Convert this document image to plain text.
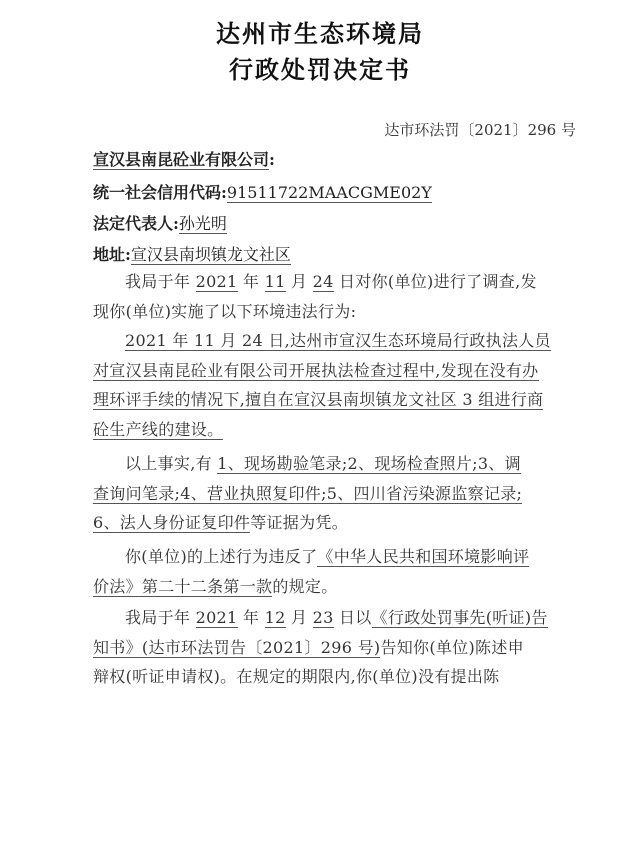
达州市生态环境局
行政处罚决定书
达市环法罚〔2021〕296 号
宣汉县南昆砼业有限公司:
统一社会信用代码:91511722MAACGME02Y
法定代表人:孙光明
地址:宣汉县南坝镇龙文社区
我局于年 2021 年 11 月 24 日对你(单位)进行了调查,发
现你(单位)实施了以下环境违法行为:
2021 年 11 月 24 日,达州市宣汉生态环境局行政执法人员
对宣汉县南昆砼业有限公司开展执法检查过程中,发现在没有办
理环评手续的情况下,擅自在宣汉县南坝镇龙文社区 3 组进行商
砼生产线的建设。
以上事实,有 1、现场勘验笔录;2、现场检查照片;3、调
查询问笔录;4、营业执照复印件;5、四川省污染源监察记录;
6、法人身份证复印件等证据为凭。
你(单位)的上述行为违反了《中华人民共和国环境影响评
价法》第二十二条第一款的规定。
我局于年 2021 年 12 月 23 日以《行政处罚事先(听证)告
知书》(达市环法罚告〔2021〕296 号)告知你(单位)陈述申
辩权(听证申请权)。在规定的期限内,你(单位)没有提出陈
